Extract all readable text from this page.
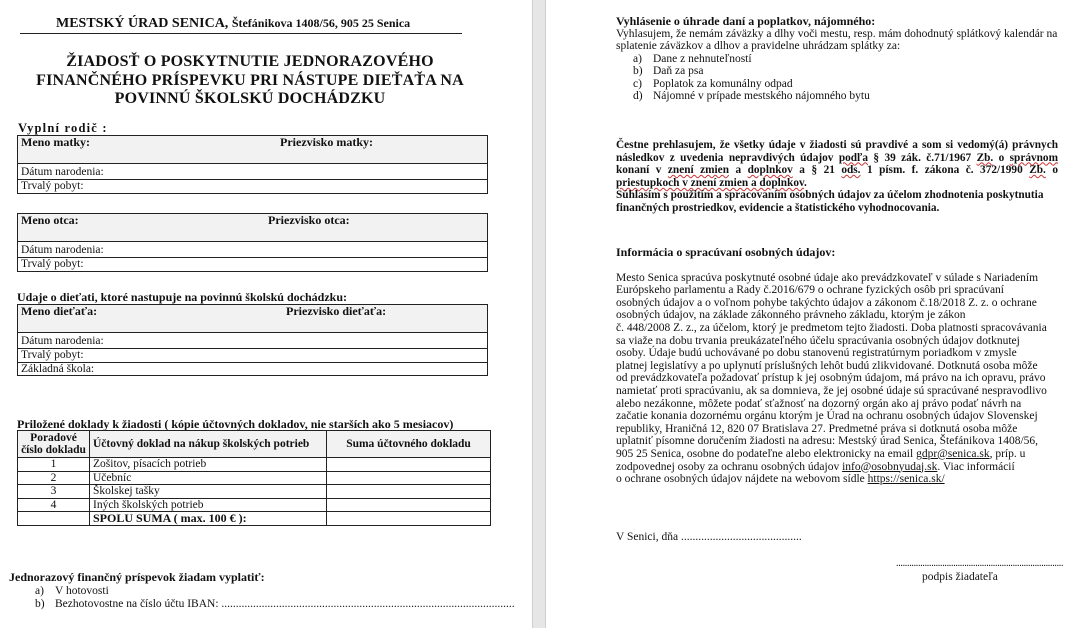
MESTSKÝ ÚRAD SENICA, Štefánikova 1408/56, 905 25 Senica
ŽIADOSŤ O POSKYTNUTIE JEDNORAZOVÉHO
FINANČNÉHO PRÍSPEVKU PRI NÁSTUPE DIEŤAŤA NA
POVINNÚ ŠKOLSKÚ DOCHÁDZKU
Vyplní rodič :
Meno matky:	Priezvisko matky:
Dátum narodenia:
Trvalý pobyt:
Meno otca:	Priezvisko otca:
Dátum narodenia:
Trvalý pobyt:
Udaje o dieťati, ktoré nastupuje na povinnú školskú dochádzku:
Meno dieťaťa:	Priezvisko dieťaťa:
Dátum narodenia:
Trvalý pobyt:
Základná škola:
Priložené doklady k žiadosti ( kópie účtovných dokladov, nie starších ako 5 mesiacov)
Poradové
číslo dokladu	Účtovný doklad na nákup školských potrieb	Suma účtovného dokladu
1	Zošitov, písacích potrieb	
2	Učebníc	
3	Školskej tašky	
4	Iných školských potrieb	
	SPOLU SUMA ( max. 100 € ):	
Jednorazový finančný príspevok žiadam vyplatiť:
a) V hotovosti
b) Bezhotovostne na číslo účtu IBAN: ......................................................................................................
Vyhlásenie o úhrade daní a poplatkov, nájomného:
Vyhlasujem, že nemám záväzky a dlhy voči mestu, resp. mám dohodnutý splátkový kalendár na splatenie záväzkov a dlhov a pravidelne uhrádzam splátky za:
a) Dane z nehnuteľností
b) Daň za psa
c) Poplatok za komunálny odpad
d) Nájomné v prípade mestského nájomného bytu
Čestne prehlasujem, že všetky údaje v žiadosti sú pravdivé a som si vedomý(á) právnych následkov z uvedenia nepravdivých údajov podľa § 39 zák. č.71/1967 Zb. o správnom konaní v znení zmien a doplnkov a § 21 ods. 1 písm. f. zákona č. 372/1990 Zb. o priestupkoch v znení zmien a doplnkov.
Súhlasím s použitím a spracovaním osobných údajov za účelom zhodnotenia poskytnutia finančných prostriedkov, evidencie a štatistického vyhodnocovania.
Informácia o spracúvaní osobných údajov:
Mesto Senica spracúva poskytnuté osobné údaje ako prevádzkovateľ v súlade s Nariadením
Európskeho parlamentu a Rady č.2016/679 o ochrane fyzických osôb pri spracúvaní
osobných údajov a o voľnom pohybe takýchto údajov a zákonom č.18/2018 Z. z. o ochrane
osobných údajov, na základe zákonného právneho základu, ktorým je zákon
č. 448/2008 Z. z., za účelom, ktorý je predmetom tejto žiadosti. Doba platnosti spracovávania
sa viaže na dobu trvania preukázateľného účelu spracúvania osobných údajov dotknutej
osoby. Údaje budú uchovávané po dobu stanovenú registratúrnym poriadkom v zmysle
platnej legislatívy a po uplynutí príslušných lehôt budú zlikvidované. Dotknutá osoba môže
od prevádzkovateľa požadovať prístup k jej osobným údajom, má právo na ich opravu, právo
namietať proti spracúvaniu, ak sa domnieva, že jej osobné údaje sú spracúvané nespravodlivo
alebo nezákonne, môžete podať sťažnosť na dozorný orgán ako aj právo podať návrh na
začatie konania dozornému orgánu ktorým je Úrad na ochranu osobných údajov Slovenskej
republiky, Hraničná 12, 820 07 Bratislava 27. Predmetné práva si dotknutá osoba môže
uplatniť písomne doručením žiadosti na adresu: Mestský úrad Senica, Štefánikova 1408/56,
905 25 Senica, osobne do podateľne alebo elektronicky na email gdpr@senica.sk, príp. u
zodpovednej osoby za ochranu osobných údajov info@osobnyudaj.sk. Viac informácií
o ochrane osobných údajov nájdete na webovom sídle https://senica.sk/
V Senici, dňa ..........................................
............................................................................
podpis žiadateľa
